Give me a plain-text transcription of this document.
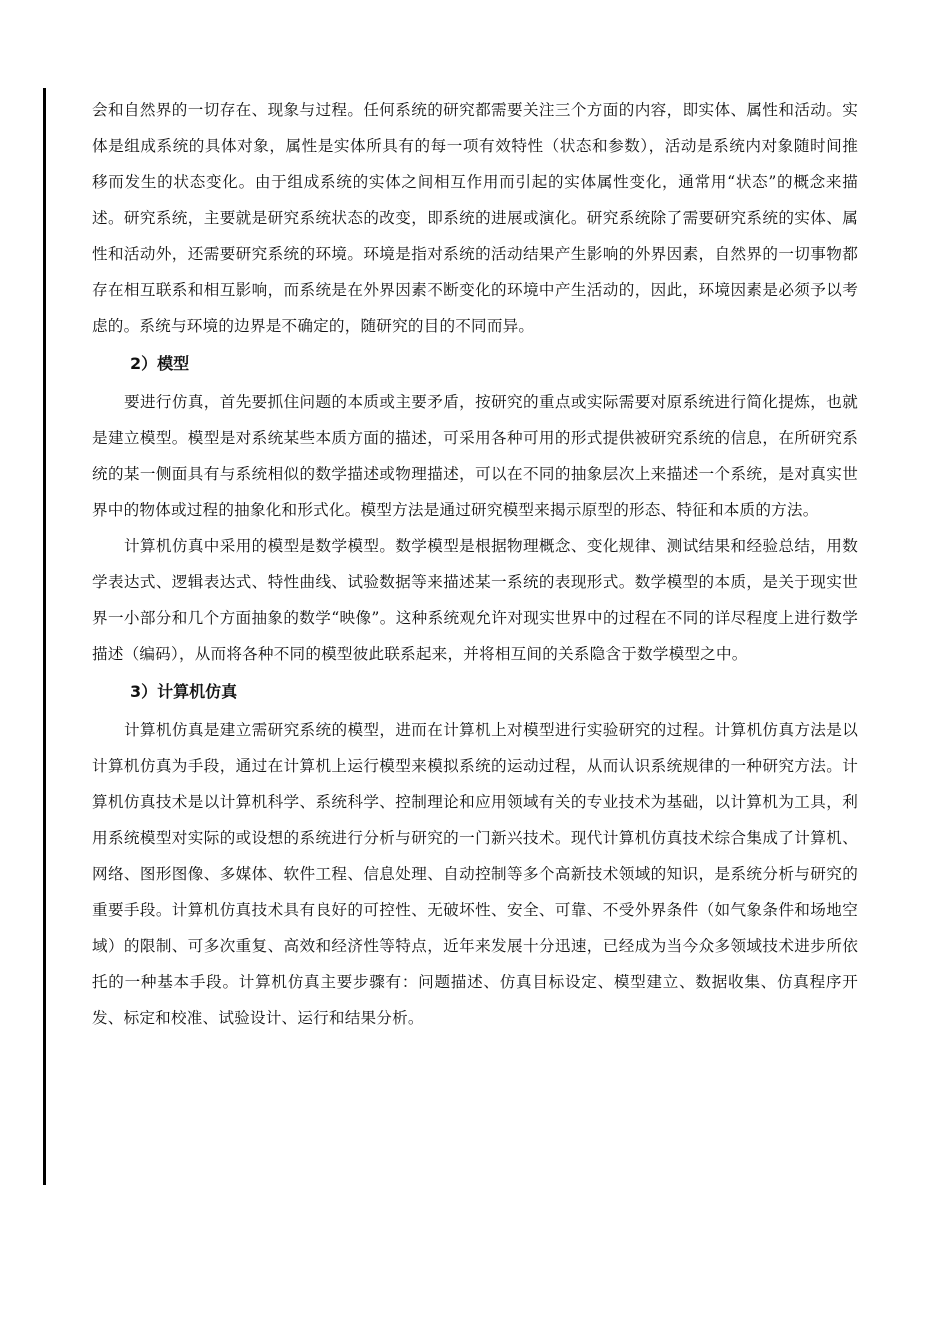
会和自然界的一切存在、现象与过程。任何系统的研究都需要关注三个方面的内容，即实体、属性和活动。实体是组成系统的具体对象，属性是实体所具有的每一项有效特性（状态和参数），活动是系统内对象随时间推移而发生的状态变化。由于组成系统的实体之间相互作用而引起的实体属性变化，通常用“状态”的概念来描述。研究系统，主要就是研究系统状态的改变，即系统的进展或演化。研究系统除了需要研究系统的实体、属性和活动外，还需要研究系统的环境。环境是指对系统的活动结果产生影响的外界因素，自然界的一切事物都存在相互联系和相互影响，而系统是在外界因素不断变化的环境中产生活动的，因此，环境因素是必须予以考虑的。系统与环境的边界是不确定的，随研究的目的不同而异。

2）模型

要进行仿真，首先要抓住问题的本质或主要矛盾，按研究的重点或实际需要对原系统进行简化提炼，也就是建立模型。模型是对系统某些本质方面的描述，可采用各种可用的形式提供被研究系统的信息，在所研究系统的某一侧面具有与系统相似的数学描述或物理描述，可以在不同的抽象层次上来描述一个系统，是对真实世界中的物体或过程的抽象化和形式化。模型方法是通过研究模型来揭示原型的形态、特征和本质的方法。

计算机仿真中采用的模型是数学模型。数学模型是根据物理概念、变化规律、测试结果和经验总结，用数学表达式、逻辑表达式、特性曲线、试验数据等来描述某一系统的表现形式。数学模型的本质，是关于现实世界一小部分和几个方面抽象的数学“映像”。这种系统观允许对现实世界中的过程在不同的详尽程度上进行数学描述（编码），从而将各种不同的模型彼此联系起来，并将相互间的关系隐含于数学模型之中。

3）计算机仿真

计算机仿真是建立需研究系统的模型，进而在计算机上对模型进行实验研究的过程。计算机仿真方法是以计算机仿真为手段，通过在计算机上运行模型来模拟系统的运动过程，从而认识系统规律的一种研究方法。计算机仿真技术是以计算机科学、系统科学、控制理论和应用领域有关的专业技术为基础，以计算机为工具，利用系统模型对实际的或设想的系统进行分析与研究的一门新兴技术。现代计算机仿真技术综合集成了计算机、网络、图形图像、多媒体、软件工程、信息处理、自动控制等多个高新技术领域的知识，是系统分析与研究的重要手段。计算机仿真技术具有良好的可控性、无破坏性、安全、可靠、不受外界条件（如气象条件和场地空域）的限制、可多次重复、高效和经济性等特点，近年来发展十分迅速，已经成为当今众多领域技术进步所依托的一种基本手段。计算机仿真主要步骤有：问题描述、仿真目标设定、模型建立、数据收集、仿真程序开发、标定和校准、试验设计、运行和结果分析。
